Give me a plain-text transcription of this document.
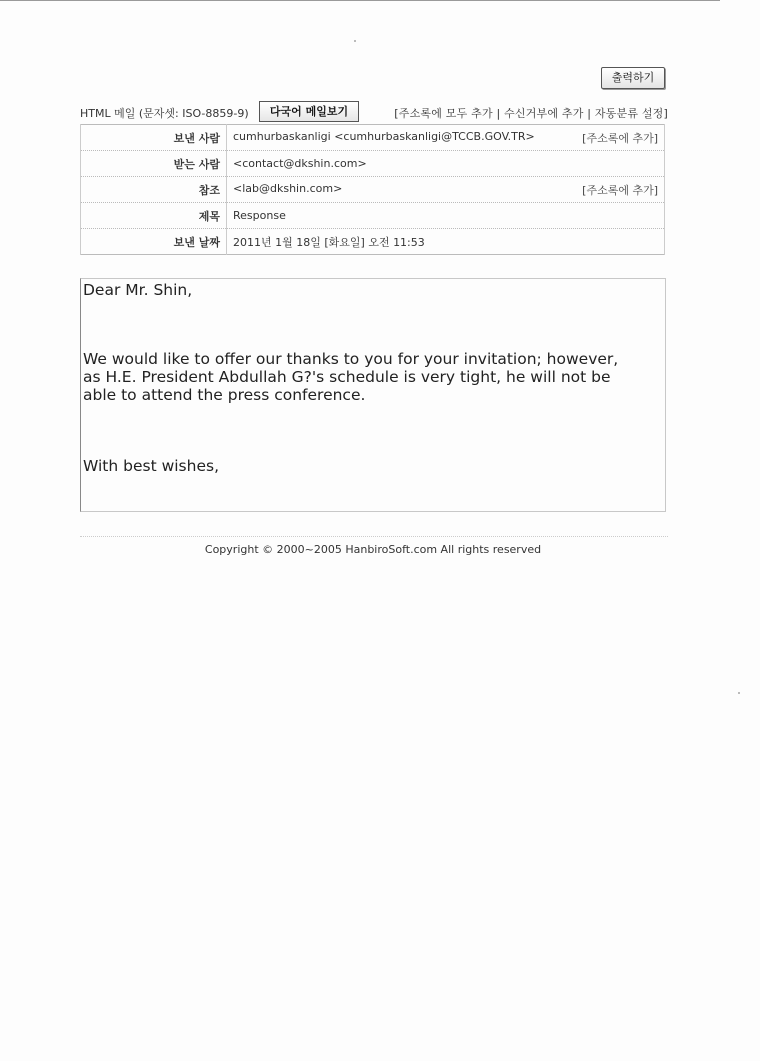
출력하기
HTML 메일 (문자셋: ISO-8859-9)	다국어 메일보기	[주소록에 모두 추가 | 수신거부에 추가 | 자동분류 설정]
보낸 사람	cumhurbaskanligi <cumhurbaskanligi@TCCB.GOV.TR> [주소록에 추가]

받는 사람	<contact@dkshin.com>
참조	<lab@dkshin.com> [주소록에 추가]

제목	Response
보낸 날짜	2011년 1월 18일 [화요일] 오전 11:53
Dear Mr. Shin,
We would like to offer our thanks to you for your invitation; however,
as H.E. President Abdullah G?'s schedule is very tight, he will not be
able to attend the press conference.
With best wishes,
Copyright © 2000~2005 HanbiroSoft.com All rights reserved
